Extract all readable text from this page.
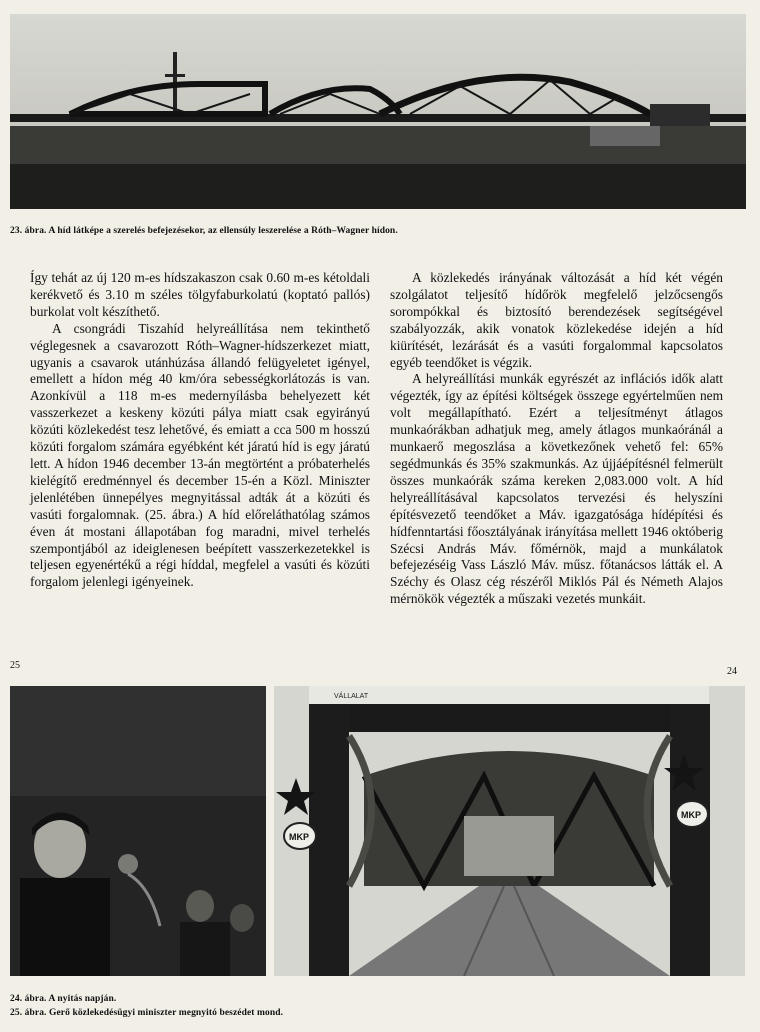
23. ábra. A híd látképe a szerelés befejezésekor, az ellensúly leszerelése a Róth–Wagner hídon.

Így tehát az új 120 m-es hídszakaszon csak 0.60 m-es kétoldali kerékvető és 3.10 m széles tölgyfaburkolatú (koptató pallós) burkolat volt készíthető.

A csongrádi Tiszahíd helyreállítása nem tekinthető véglegesnek a csavarozott Róth–Wagner-hídszerkezet miatt, ugyanis a csavarok utánhúzása állandó felügyeletet igényel, emellett a hídon még 40 km/óra sebességkorlátozás is van. Azonkívül a 118 m-es medernyílásba behelyezett két vasszerkezet a keskeny közúti pálya miatt csak egyirányú közúti közlekedést tesz lehetővé, és emiatt a cca 500 m hosszú közúti forgalom számára egyébként két járatú híd is egy járatú lett. A hídon 1946 december 13-án megtörtént a próbaterhelés kielégítő eredménnyel és december 15-én a Közl. Miniszter jelenlétében ünnepélyes megnyitással adták át a közúti és vasúti forgalomnak. (25. ábra.) A híd előreláthatólag számos éven át mostani állapotában fog maradni, mivel terhelés szempontjából az ideiglenesen beépített vasszerkezetekkel is teljesen egyenértékű a régi híddal, megfelel a vasúti és közúti forgalom jelenlegi igényeinek.

A közlekedés irányának változását a híd két végén szolgálatot teljesítő hídőrök megfelelő jelzőcsengős sorompókkal és biztosító berendezések segítségével szabályozzák, akik vonatok közlekedése idején a híd kiürítését, lezárását és a vasúti forgalommal kapcsolatos egyéb teendőket is végzik.

A helyreállítási munkák egyrészét az inflációs idők alatt végezték, így az építési költségek összege egyértelműen nem volt megállapítható. Ezért a teljesítményt átlagos munkaórákban adhatjuk meg, amely átlagos munkaóránál a munkaerő megoszlása a következőnek vehető fel: 65% segédmunkás és 35% szakmunkás. Az újjáépítésnél felmerült összes munkaórák száma kereken 2,083.000 volt. A híd helyreállításával kapcsolatos tervezési és helyszíni építésvezető teendőket a Máv. igazgatósága hídépítési és hídfenntartási főosztályának irányítása mellett 1946 októberig Szécsi András Máv. főmérnök, majd a munkálatok befejezéséig Vass László Máv. műsz. főtanácsos látták el. A Széchy és Olasz cég részéről Miklós Pál és Németh Alajos mérnökök végezték a műszaki vezetés munkáit.

25
24
VÁLLALAT
MKP
MKP
24. ábra. A nyitás napján.
25. ábra. Gerő közlekedésügyi miniszter megnyitó beszédet mond.
